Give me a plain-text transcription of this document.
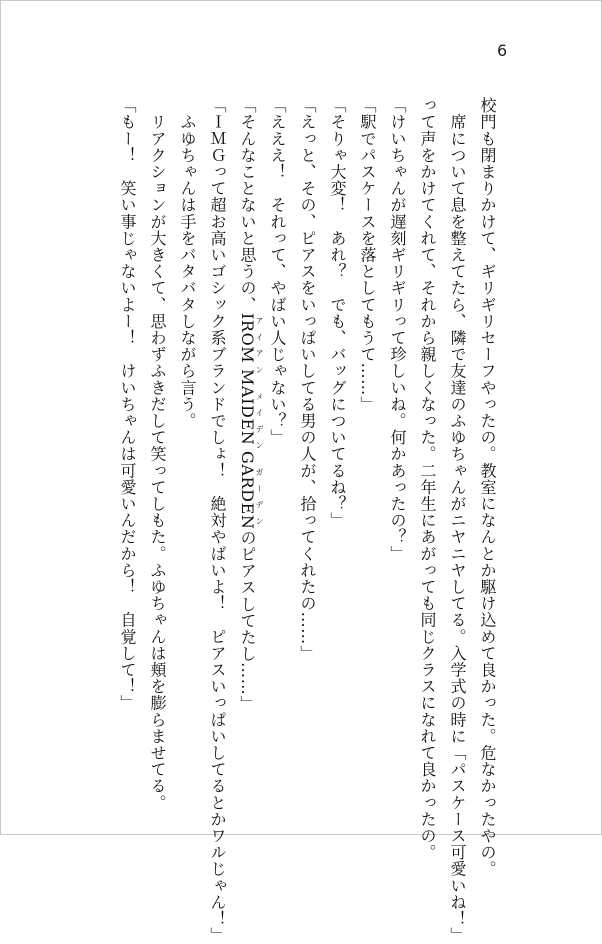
6
校門も閉まりかけて、ギリギリセーフやったの。教室になんとか駆け込めて良かった。危なかったやの。
　席について息を整えてたら、隣で友達のふゆちゃんがニヤニヤしてる。入学式の時に「パスケース可愛いね！」
って声をかけてくれて、それから親しくなった。二年生にあがっても同じクラスになれて良かったの。
「けいちゃんが遅刻ギリギリって珍しいね。何かあったの？」
「駅でパスケースを落としてもうて……」
「そりゃ大変！　あれ？　でも、バッグについてるね？」
「えっと、その、ピアスをいっぱいしてる男の人が、拾ってくれたの……」
「えええ！　それって、やばい人じゃない？」
「そんなことないと思うの、IROM MAIDEN GARDENアイアン メイデン ガーデンのピアスしてたし……」
「ＩＭＧって超お高いゴシック系ブランドでしょ！　絶対やばいよ！　ピアスいっぱいしてるとかワルじゃん！」
　ふゆちゃんは手をバタバタしながら言う。
　リアクションが大きくて、思わずふきだして笑ってしもた。ふゆちゃんは頬を膨らませてる。
「もー！　笑い事じゃないよー！　けいちゃんは可愛いんだから！　自覚して！」
